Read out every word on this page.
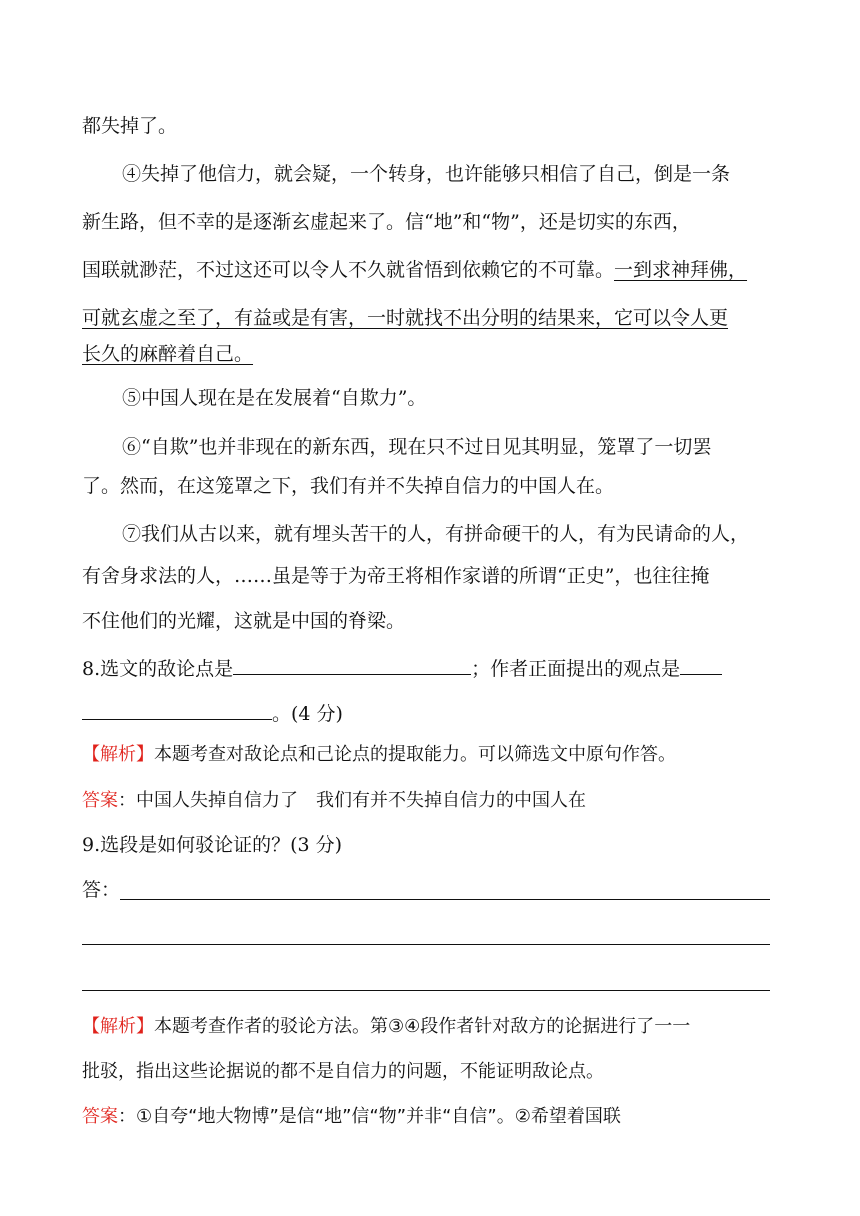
都失掉了。
④失掉了他信力，就会疑，一个转身，也许能够只相信了自己，倒是一条
新生路，但不幸的是逐渐玄虚起来了。信“地”和“物”，还是切实的东西，
国联就渺茫，不过这还可以令人不久就省悟到依赖它的不可靠。一到求神拜佛，
可就玄虚之至了，有益或是有害，一时就找不出分明的结果来，它可以令人更
长久的麻醉着自己。
⑤中国人现在是在发展着“自欺力”。
⑥“自欺”也并非现在的新东西，现在只不过日见其明显，笼罩了一切罢
了。然而，在这笼罩之下，我们有并不失掉自信力的中国人在。
⑦我们从古以来，就有埋头苦干的人，有拼命硬干的人，有为民请命的人，
有舍身求法的人，……虽是等于为帝王将相作家谱的所谓“正史”，也往往掩
不住他们的光耀，这就是中国的脊梁。
8.选文的敌论点是	；作者正面提出的观点是
。(4 分)
【解析】本题考查对敌论点和己论点的提取能力。可以筛选文中原句作答。
答案：中国人失掉自信力了　我们有并不失掉自信力的中国人在
9.选段是如何驳论证的？(3 分)
答：
【解析】本题考查作者的驳论方法。第③④段作者针对敌方的论据进行了一一
批驳，指出这些论据说的都不是自信力的问题，不能证明敌论点。
答案：①自夸“地大物博”是信“地”信“物”并非“自信”。②希望着国联
